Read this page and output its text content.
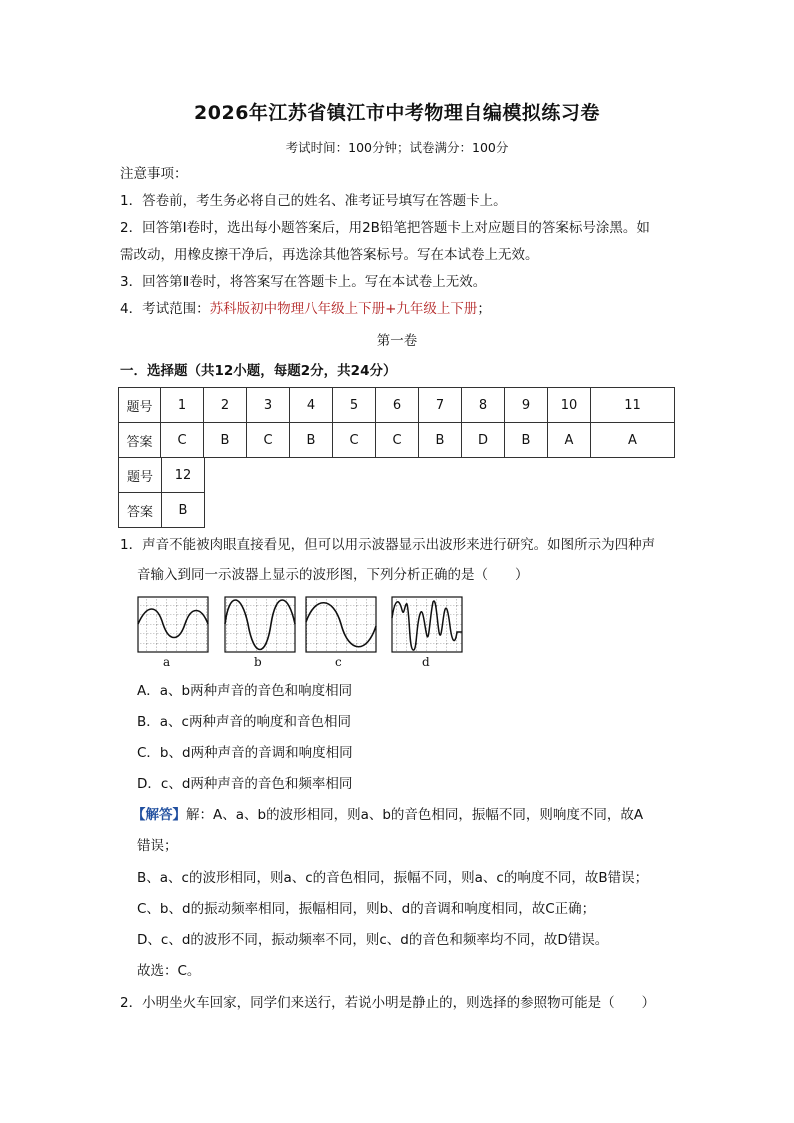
2026年江苏省镇江市中考物理自编模拟练习卷
考试时间：100分钟；试卷满分：100分
注意事项：
1．答卷前，考生务必将自己的姓名、准考证号填写在答题卡上。
2．回答第Ⅰ卷时，选出每小题答案后，用2B铅笔把答题卡上对应题目的答案标号涂黑。如
需改动，用橡皮擦干净后，再选涂其他答案标号。写在本试卷上无效。
3．回答第Ⅱ卷时，将答案写在答题卡上。写在本试卷上无效。
4．考试范围：苏科版初中物理八年级上下册+九年级上下册；
第一卷
一．选择题（共12小题，每题2分，共24分）
题号	1	2	3	4	5	6	7	8	9	10	11
答案	C	B	C	B	C	C	B	D	B	A	A
题号	12
答案	B
1．声音不能被肉眼直接看见，但可以用示波器显示出波形来进行研究。如图所示为四种声
音输入到同一示波器上显示的波形图，下列分析正确的是（　　）
a	b	c	d
A．a、b两种声音的音色和响度相同
B．a、c两种声音的响度和音色相同
C．b、d两种声音的音调和响度相同
D．c、d两种声音的音色和频率相同
【解答】解：A、a、b的波形相同，则a、b的音色相同，振幅不同，则响度不同，故A
错误；
B、a、c的波形相同，则a、c的音色相同，振幅不同，则a、c的响度不同，故B错误；
C、b、d的振动频率相同，振幅相同，则b、d的音调和响度相同，故C正确；
D、c、d的波形不同，振动频率不同，则c、d的音色和频率均不同，故D错误。
故选：C。
2．小明坐火车回家，同学们来送行，若说小明是静止的，则选择的参照物可能是（　　）
